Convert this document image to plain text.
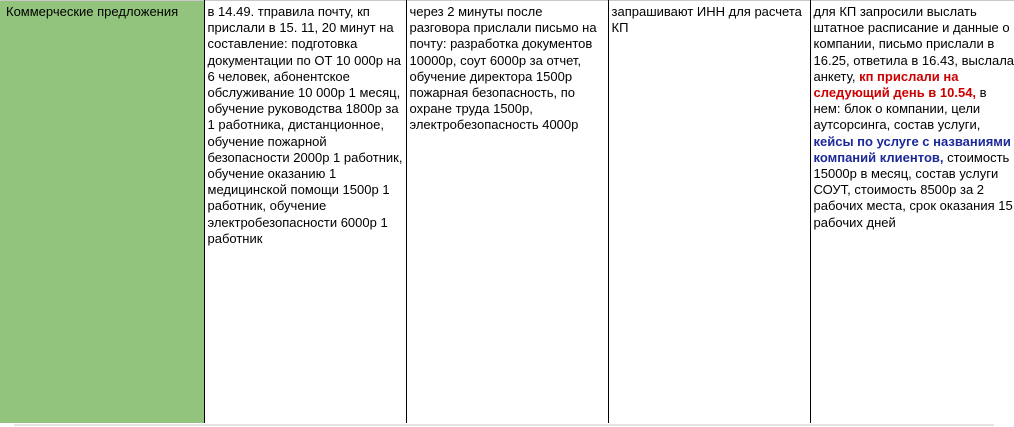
Коммерческие предложения	в 14.49. тправила почту, кп прислали в 15. 11, 20 минут на составление: подготовка документации по ОТ 10 000р на 6 человек, абонентское обслуживание 10 000р 1 месяц, обучение руководства 1800р за 1 работника, дистанционное, обучение пожарной безопасности 2000р 1 работник, обучение оказанию 1 медицинской помощи 1500р 1 работник, обучение электробезопасности 6000р 1 работник	через 2 минуты после разговора прислали письмо на почту: разработка документов 10000р, соут 6000р за отчет, обучение директора 1500р пожарная безопасность, по охране труда 1500р, электробезопасность 4000р	запрашивают ИНН для расчета КП	для КП запросили выслать штатное расписание и данные о компании, письмо прислали в 16.25, ответила в 16.43, выслала анкету, кп прислали на следующий день в 10.54, в нем: блок о компании, цели аутсорсинга, состав услуги, кейсы по услуге с названиями компаний клиентов, стоимость 15000р в месяц, состав услуги СОУТ, стоимость 8500р за 2 рабочих места, срок оказания 15 рабочих дней
